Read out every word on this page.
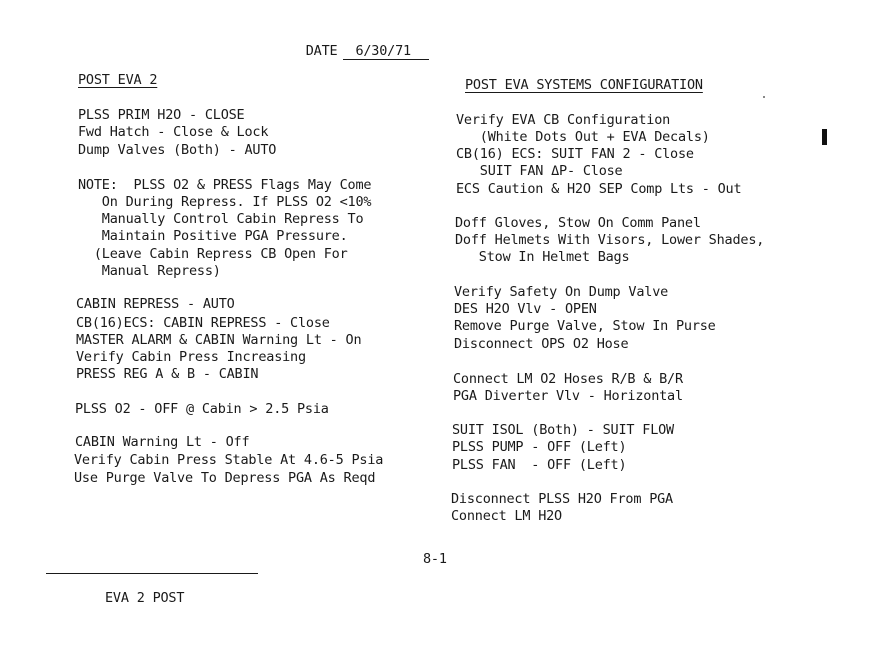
DATE 6/30/71

POST EVA 2
PLSS PRIM H2O - CLOSE
Fwd Hatch - Close & Lock
Dump Valves (Both) - AUTO
NOTE:  PLSS O2 & PRESS Flags May Come
On During Repress. If PLSS O2 <10%
Manually Control Cabin Repress To
Maintain Positive PGA Pressure.
(Leave Cabin Repress CB Open For
Manual Repress)
CABIN REPRESS - AUTO
CB(16)ECS: CABIN REPRESS - Close
MASTER ALARM & CABIN Warning Lt - On
Verify Cabin Press Increasing
PRESS REG A & B - CABIN
PLSS O2 - OFF @ Cabin > 2.5 Psia
CABIN Warning Lt - Off
Verify Cabin Press Stable At 4.6-5 Psia
Use Purge Valve To Depress PGA As Reqd
POST EVA SYSTEMS CONFIGURATION
Verify EVA CB Configuration
(White Dots Out + EVA Decals)
CB(16) ECS: SUIT FAN 2 - Close
SUIT FAN ΔP- Close
ECS Caution & H2O SEP Comp Lts - Out
Doff Gloves, Stow On Comm Panel
Doff Helmets With Visors, Lower Shades,
Stow In Helmet Bags
Verify Safety On Dump Valve
DES H2O Vlv - OPEN
Remove Purge Valve, Stow In Purse
Disconnect OPS O2 Hose
Connect LM O2 Hoses R/B & B/R
PGA Diverter Vlv - Horizontal
SUIT ISOL (Both) - SUIT FLOW
PLSS PUMP - OFF (Left)
PLSS FAN  - OFF (Left)
Disconnect PLSS H2O From PGA
Connect LM H2O
8-1
EVA 2 POST
